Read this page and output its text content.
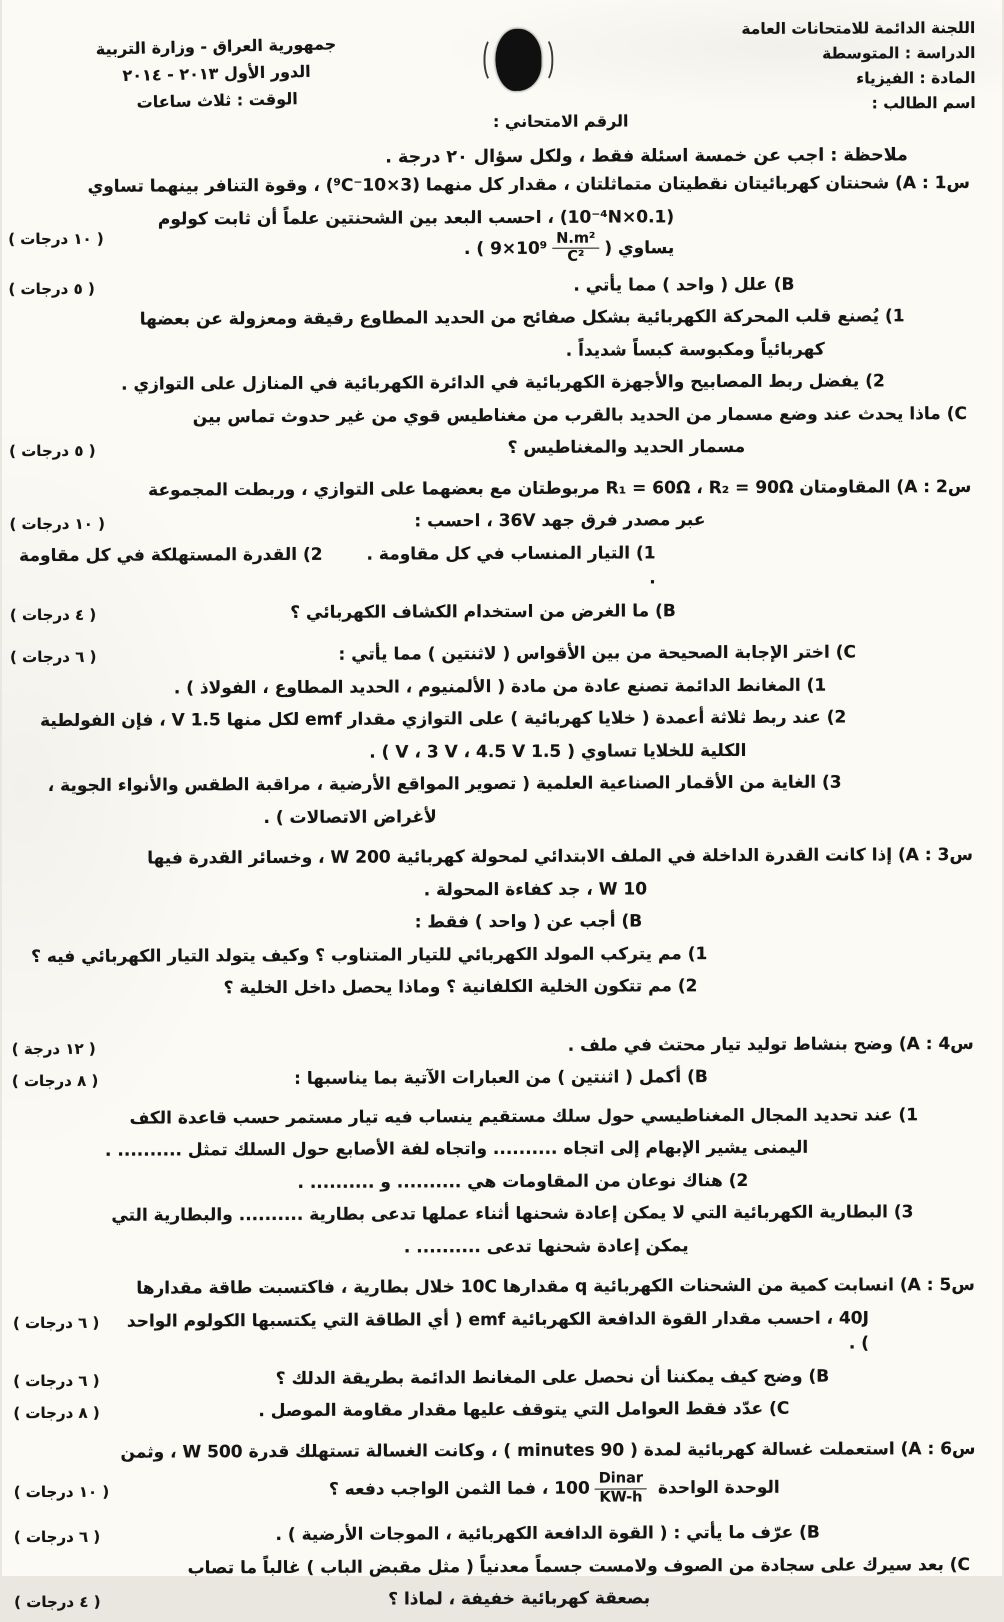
اللجنة الدائمة للامتحانات العامة
الدراسة : المتوسطة
المادة : الفيزياء
اسم الطالب :
الرقم الامتحاني :
جمهورية العراق - وزارة التربية
الدور الأول ٢٠١٣ - ٢٠١٤
الوقت : ثلاث ساعات
ملاحظة : اجب عن خمسة اسئلة فقط ، ولكل سؤال ٢٠ درجة .

س1 : A) شحنتان كهربائيتان نقطيتان متماثلتان ، مقدار كل منهما (3×10⁻⁹C) ، وقوة التنافر بينهما تساوي

(0.1×10⁻⁴N) ، احسب البعد بين الشحنتين علماً أن ثابت كولوم يساوي ( $9\times 10^9 \frac{\text{N.m²}}{\text{C²}}$ ) .

( ١٠ درجات )

B) علل ( واحد ) مما يأتي .

( ٥ درجات )

1) يُصنع قلب المحركة الكهربائية بشكل صفائح من الحديد المطاوع رقيقة ومعزولة عن بعضها

كهربائياً ومكبوسة كبساً شديداً .

2) يفضل ربط المصابيح والأجهزة الكهربائية في الدائرة الكهربائية في المنازل على التوازي .

C) ماذا يحدث عند وضع مسمار من الحديد بالقرب من مغناطيس قوي من غير حدوث تماس بين

مسمار الحديد والمغناطيس ؟

( ٥ درجات )

س2 : A) المقاومتان R₁ = 60Ω ، R₂ = 90Ω مربوطتان مع بعضهما على التوازي ، وربطت المجموعة

عبر مصدر فرق جهد 36V ، احسب :

( ١٠ درجات )

1) التيار المنساب في كل مقاومة . 2) القدرة المستهلكة في كل مقاومة .

B) ما الغرض من استخدام الكشاف الكهربائي ؟

( ٤ درجات )

C) اختر الإجابة الصحيحة من بين الأقواس ( لاثنتين ) مما يأتي :

( ٦ درجات )

1) المغانط الدائمة تصنع عادة من مادة ( الألمنيوم ، الحديد المطاوع ، الفولاذ ) .

2) عند ربط ثلاثة أعمدة ( خلايا كهربائية ) على التوازي مقدار emf لكل منها 1.5 V ، فإن الفولطية

الكلية للخلايا تساوي ( 1.5 V ، 3 V ، 4.5 V ) .

3) الغاية من الأقمار الصناعية العلمية ( تصوير المواقع الأرضية ، مراقبة الطقس والأنواء الجوية ،

لأغراض الاتصالات ) .

س3 : A) إذا كانت القدرة الداخلة في الملف الابتدائي لمحولة كهربائية 200 W ، وخسائر القدرة فيها

10 W ، جد كفاءة المحولة .

B) أجب عن ( واحد ) فقط :

1) مم يتركب المولد الكهربائي للتيار المتناوب ؟ وكيف يتولد التيار الكهربائي فيه ؟

2) مم تتكون الخلية الكلفانية ؟ وماذا يحصل داخل الخلية ؟

س4 : A) وضح بنشاط توليد تيار محتث في ملف .

( ١٢ درجة )

B) أكمل ( اثنتين ) من العبارات الآتية بما يناسبها :

( ٨ درجات )

1) عند تحديد المجال المغناطيسي حول سلك مستقيم ينساب فيه تيار مستمر حسب قاعدة الكف

اليمنى يشير الإبهام إلى اتجاه .......... واتجاه لفة الأصابع حول السلك تمثل .......... .

2) هناك نوعان من المقاومات هي .......... و .......... .

3) البطارية الكهربائية التي لا يمكن إعادة شحنها أثناء عملها تدعى بطارية .......... والبطارية التي

يمكن إعادة شحنها تدعى .......... .

س5 : A) انسابت كمية من الشحنات الكهربائية q مقدارها 10C خلال بطارية ، فاكتسبت طاقة مقدارها

40J ، احسب مقدار القوة الدافعة الكهربائية emf ( أي الطاقة التي يكتسبها الكولوم الواحد ) .

( ٦ درجات )

B) وضح كيف يمكننا أن نحصل على المغانط الدائمة بطريقة الدلك ؟

( ٦ درجات )

C) عدّد فقط العوامل التي يتوقف عليها مقدار مقاومة الموصل .

( ٨ درجات )

س6 : A) استعملت غسالة كهربائية لمدة ( 90 minutes ) ، وكانت الغسالة تستهلك قدرة 500 W ، وثمن

الوحدة الواحدة $100 \frac{\text{Dinar}}{KW-h}$
، فما الثمن الواجب دفعه ؟

( ١٠ درجات )

B) عرّف ما يأتي : ( القوة الدافعة الكهربائية ، الموجات الأرضية ) .

( ٦ درجات )

C) بعد سيرك على سجادة من الصوف ولامست جسماً معدنياً ( مثل مقبض الباب ) غالباً ما تصاب

بصعقة كهربائية خفيفة ، لماذا ؟

( ٤ درجات )
